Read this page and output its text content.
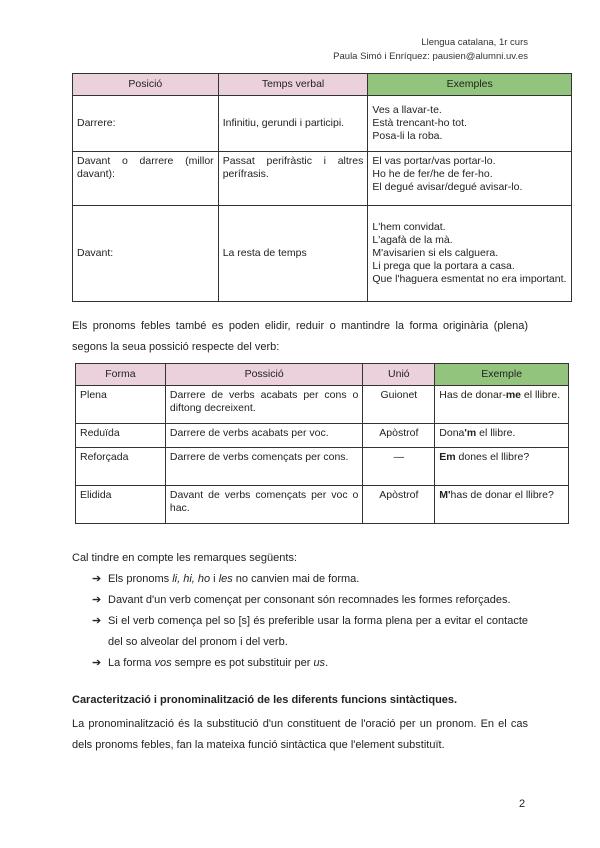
Llengua catalana, 1r curs
Paula Simó i Enríquez: pausien@alumni.uv.es
Posició	Temps verbal	Exemples
Darrere:	Infinitiu, gerundi i participi.	Ves a llavar-te.
Està trencant-ho tot.
Posa-li la roba.

Davant o darrere (millor davant):	Passat perifràstic i altres perífrasis.	El vas portar/vas portar-lo.
Ho he de fer/he de fer-ho.
El degué avisar/degué avisar-lo.

Davant:	La resta de temps	L'hem convidat.
L'agafà de la mà.
M'avisarien si els calguera.
Li prega que la portara a casa.
Que l'haguera esmentat no era important.
Els pronoms febles també es poden elidir, reduir o mantindre la forma originària (plena) segons la seua possició respecte del verb:
Forma	Possició	Unió	Exemple
Plena	Darrere de verbs acabats per cons o diftong decreixent.	Guionet	Has de donar-me el llibre.
Reduïda	Darrere de verbs acabats per voc.	Apòstrof	Dona'm el llibre.
Reforçada	Darrere de verbs començats per cons.	—	Em dones el llibre?
Elidida	Davant de verbs començats per voc o hac.	Apòstrof	M'has de donar el llibre?
Cal tindre en compte les remarques següents:
➔ Els pronoms li, hi, ho i les no canvien mai de forma.
➔ Davant d'un verb començat per consonant són recomnades les formes reforçades.
➔ Si el verb comença pel so [s] és preferible usar la forma plena per a evitar el contacte del so alveolar del pronom i del verb.
➔ La forma vos sempre es pot substituir per us.
Caracterització i pronominalització de les diferents funcions sintàctiques.
La pronominalització és la substitució d'un constituent de l'oració per un pronom. En el cas dels pronoms febles, fan la mateixa funció sintàctica que l'element substituït.
2
